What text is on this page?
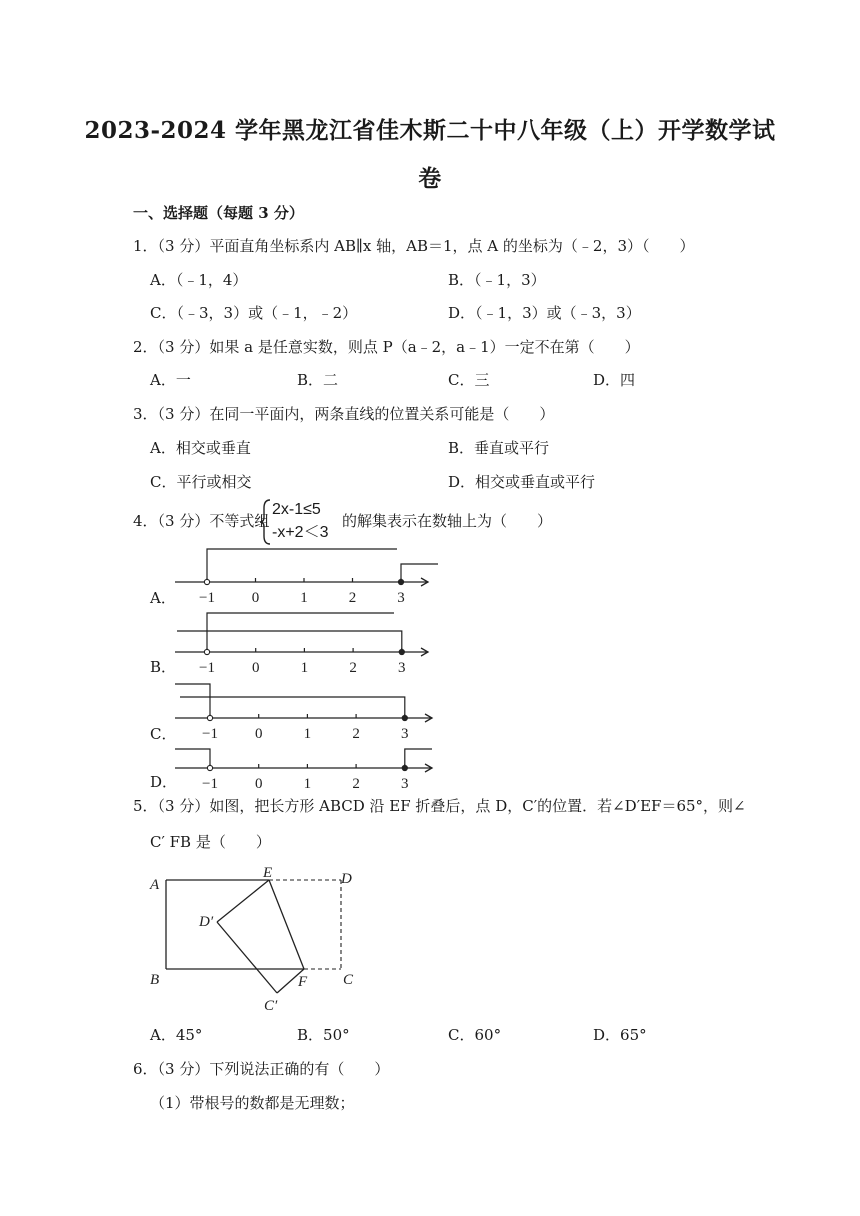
2023-2024 学年黑龙江省佳木斯二十中八年级（上）开学数学试
卷
一、选择题（每题 3 分）
1．（3 分）平面直角坐标系内 AB∥x 轴，AB＝1，点 A 的坐标为（﹣2，3）（　　）
A．（﹣1，4）	B．（﹣1，3）
C．（﹣3，3）或（﹣1，﹣2）	D．（﹣1，3）或（﹣3，3）
2．（3 分）如果 a 是任意实数，则点 P（a﹣2，a﹣1）一定不在第（　　）
A．一	B．二	C．三	D．四
3．（3 分）在同一平面内，两条直线的位置关系可能是（　　）
A．相交或垂直	B．垂直或平行
C．平行或相交	D．相交或垂直或平行
4．（3 分）不等式组
2x-1≤5
-x+2＜3
的解集表示在数轴上为（　　）
A． −1 0	1	2	3
B． −1 0	1	2	3
C． −1 0	1	2	3
D． −1 0	1	2	3
5．（3 分）如图，把长方形 ABCD 沿 EF 折叠后，点 D，C′的位置．若∠D′EF＝65°，则∠
C′ FB 是（　　）
A
B	C
D
E
F
D′
C′
A．45°	B．50°	C．60°	D．65°
6．（3 分）下列说法正确的有（　　）
（1）带根号的数都是无理数；
